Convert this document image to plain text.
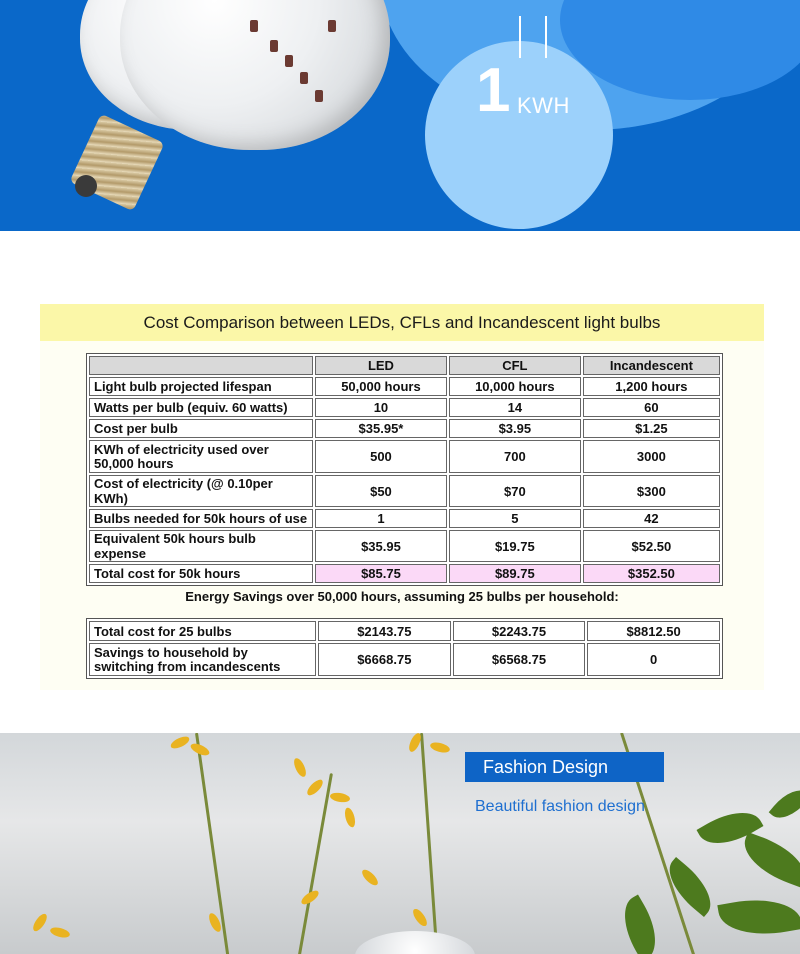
1 KWH
Cost Comparison between LEDs, CFLs and Incandescent light bulbs
	LED	CFL	Incandescent
Light bulb projected lifespan	50,000 hours	10,000 hours	1,200 hours
Watts per bulb (equiv. 60 watts)	10	14	60
Cost per bulb	$35.95*	$3.95	$1.25
KWh of electricity used over 50,000 hours	500	700	3000
Cost of electricity (@ 0.10per KWh)	$50	$70	$300
Bulbs needed for 50k hours of use	1	5	42
Equivalent 50k hours bulb expense	$35.95	$19.75	$52.50
Total cost for 50k hours	$85.75	$89.75	$352.50
Energy Savings over 50,000 hours, assuming 25 bulbs per household:
Total cost for 25 bulbs	$2143.75	$2243.75	$8812.50
Savings to household by switching from incandescents	$6668.75	$6568.75	0
Fashion Design
Beautiful fashion design
